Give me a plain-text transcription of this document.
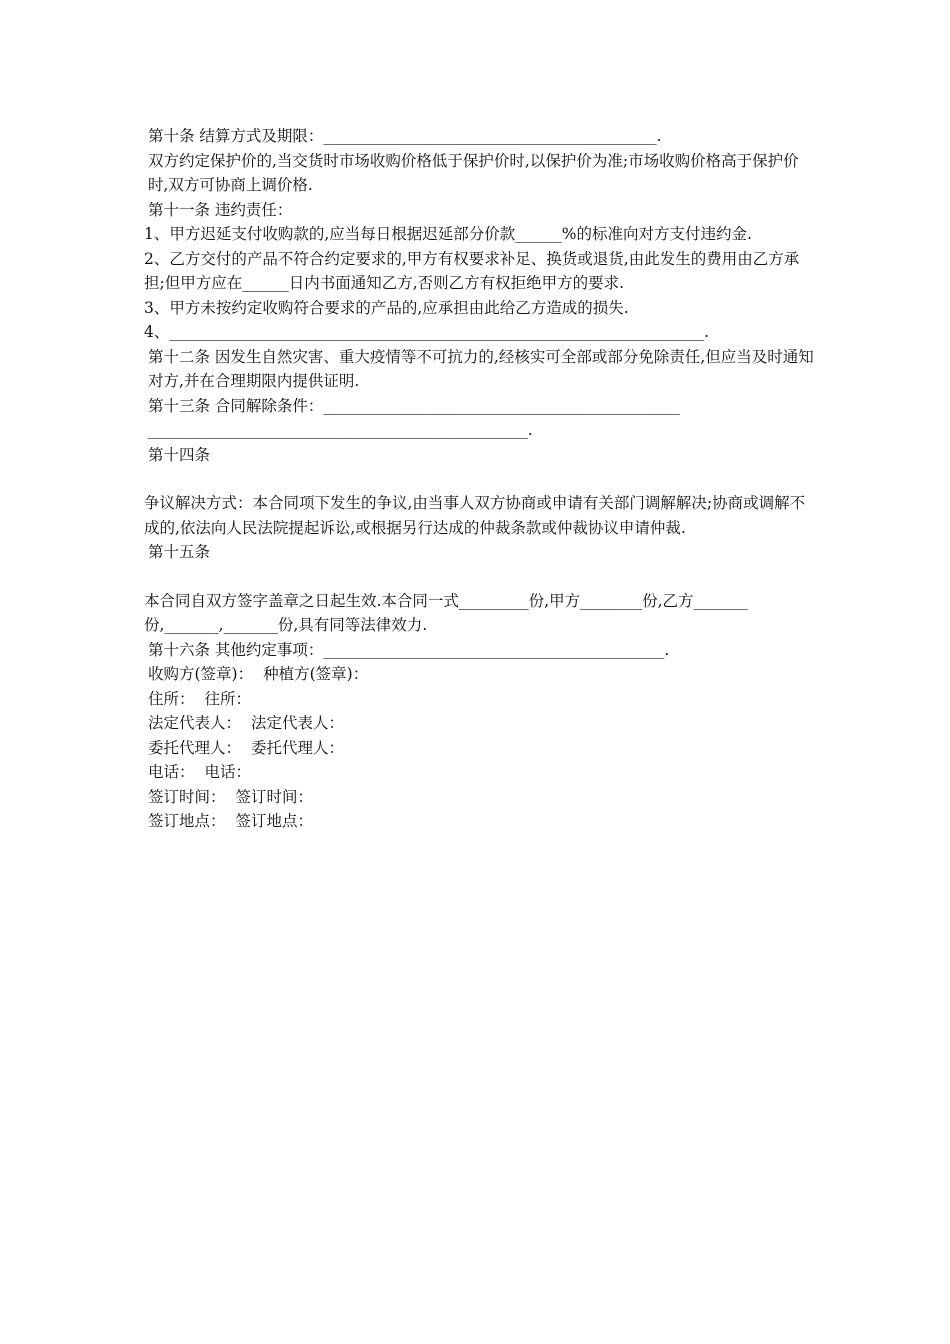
第十条 结算方式及期限：___________________________________________.

双方约定保护价的,当交货时市场收购价格低于保护价时,以保护价为准;市场收购价格高于保护价时,双方可协商上调价格.

第十一条 违约责任：

1、甲方迟延支付收购款的,应当每日根据迟延部分价款______%的标准向对方支付违约金.

2、乙方交付的产品不符合约定要求的,甲方有权要求补足、换货或退货,由此发生的费用由乙方承担;但甲方应在______日内书面通知乙方,否则乙方有权拒绝甲方的要求.

3、甲方未按约定收购符合要求的产品的,应承担由此给乙方造成的损失.

4、_____________________________________________________________________.

第十二条 因发生自然灾害、重大疫情等不可抗力的,经核实可全部或部分免除责任,但应当及时通知对方,并在合理期限内提供证明.

第十三条 合同解除条件：______________________________________________

_________________________________________________.

第十四条

争议解决方式：本合同项下发生的争议,由当事人双方协商或申请有关部门调解解决;协商或调解不成的,依法向人民法院提起诉讼,或根据另行达成的仲裁条款或仲裁协议申请仲裁.

第十五条

本合同自双方签字盖章之日起生效.本合同一式_________份,甲方________份,乙方_______份,_______,_______份,具有同等法律效力.

第十六条 其他约定事项：____________________________________________.

收购方(签章)： 种植方(签章)：

住所： 往所：

法定代表人： 法定代表人：

委托代理人： 委托代理人：

电话： 电话：

签订时间： 签订时间：

签订地点： 签订地点：
